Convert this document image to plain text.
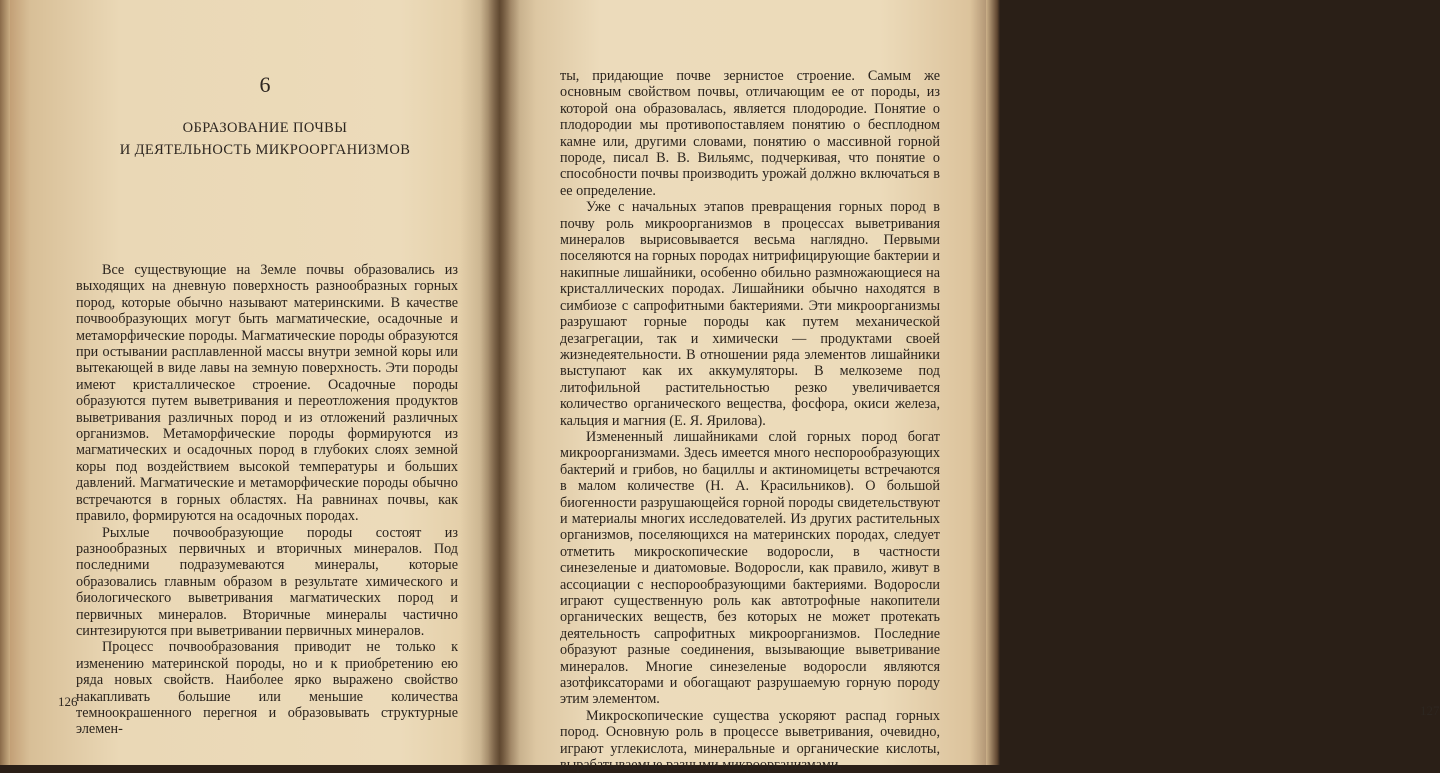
6
ОБРАЗОВАНИЕ ПОЧВЫ
И ДЕЯТЕЛЬНОСТЬ МИКРООРГАНИЗМОВ

Все существующие на Земле почвы образовались из выходящих на дневную поверхность разнообразных горных пород, которые обычно называют материнскими. В качестве почвообразующих могут быть магматические, осадочные и метаморфические породы. Магматические породы образуются при остывании расплавленной массы внутри земной коры или вытекающей в виде лавы на земную поверхность. Эти породы имеют кристаллическое строение. Осадочные породы образуются путем выветривания и переотложения продуктов выветривания различных пород и из отложений различных организмов. Метаморфические породы формируются из магматических и осадочных пород в глубоких слоях земной коры под воздействием высокой температуры и больших давлений. Магматические и метаморфические породы обычно встречаются в горных областях. На равнинах почвы, как правило, формируются на осадочных породах.

Рыхлые почвообразующие породы состоят из разнообразных первичных и вторичных минералов. Под последними подразумеваются минералы, которые образовались главным образом в результате химического и биологического выветривания магматических пород и первичных минералов. Вторичные минералы частично синтезируются при выветривании первичных минералов.

Процесс почвообразования приводит не только к изменению материнской породы, но и к приобретению ею ряда новых свойств. Наиболее ярко выражено свойство накапливать большие или меньшие количества темноокрашенного перегноя и образовывать структурные элемен-

126
127

ты, придающие почве зернистое строение. Самым же основным свойством почвы, отличающим ее от породы, из которой она образовалась, является плодородие. Понятие о плодородии мы противопоставляем понятию о бесплодном камне или, другими словами, понятию о массивной горной породе, писал В. В. Вильямс, подчеркивая, что понятие о способности почвы производить урожай должно включаться в ее определение.

Уже с начальных этапов превращения горных пород в почву роль микроорганизмов в процессах выветривания минералов вырисовывается весьма наглядно. Первыми поселяются на горных породах нитрифицирующие бактерии и накипные лишайники, особенно обильно размножающиеся на кристаллических породах. Лишайники обычно находятся в симбиозе с сапрофитными бактериями. Эти микроорганизмы разрушают горные породы как путем механической дезагрегации, так и химически — продуктами своей жизнедеятельности. В отношении ряда элементов лишайники выступают как их аккумуляторы. В мелкоземе под литофильной растительностью резко увеличивается количество органического вещества, фосфора, окиси железа, кальция и магния (Е. Я. Ярилова).

Измененный лишайниками слой горных пород богат микроорганизмами. Здесь имеется много неспорообразующих бактерий и грибов, но бациллы и актиномицеты встречаются в малом количестве (Н. А. Красильников). О большой биогенности разрушающейся горной породы свидетельствуют и материалы многих исследователей. Из других растительных организмов, поселяющихся на материнских породах, следует отметить микроскопические водоросли, в частности синезеленые и диатомовые. Водоросли, как правило, живут в ассоциации с неспорообразующими бактериями. Водоросли играют существенную роль как автотрофные накопители органических веществ, без которых не может протекать деятельность сапрофитных микроорганизмов. Последние образуют разные соединения, вызывающие выветривание минералов. Многие синезеленые водоросли являются азотфиксаторами и обогащают разрушаемую горную породу этим элементом.

Микроскопические существа ускоряют распад горных пород. Основную роль в процессе выветривания, очевидно, играют углекислота, минеральные и органические кислоты, вырабатываемые разными микроорганизмами.
